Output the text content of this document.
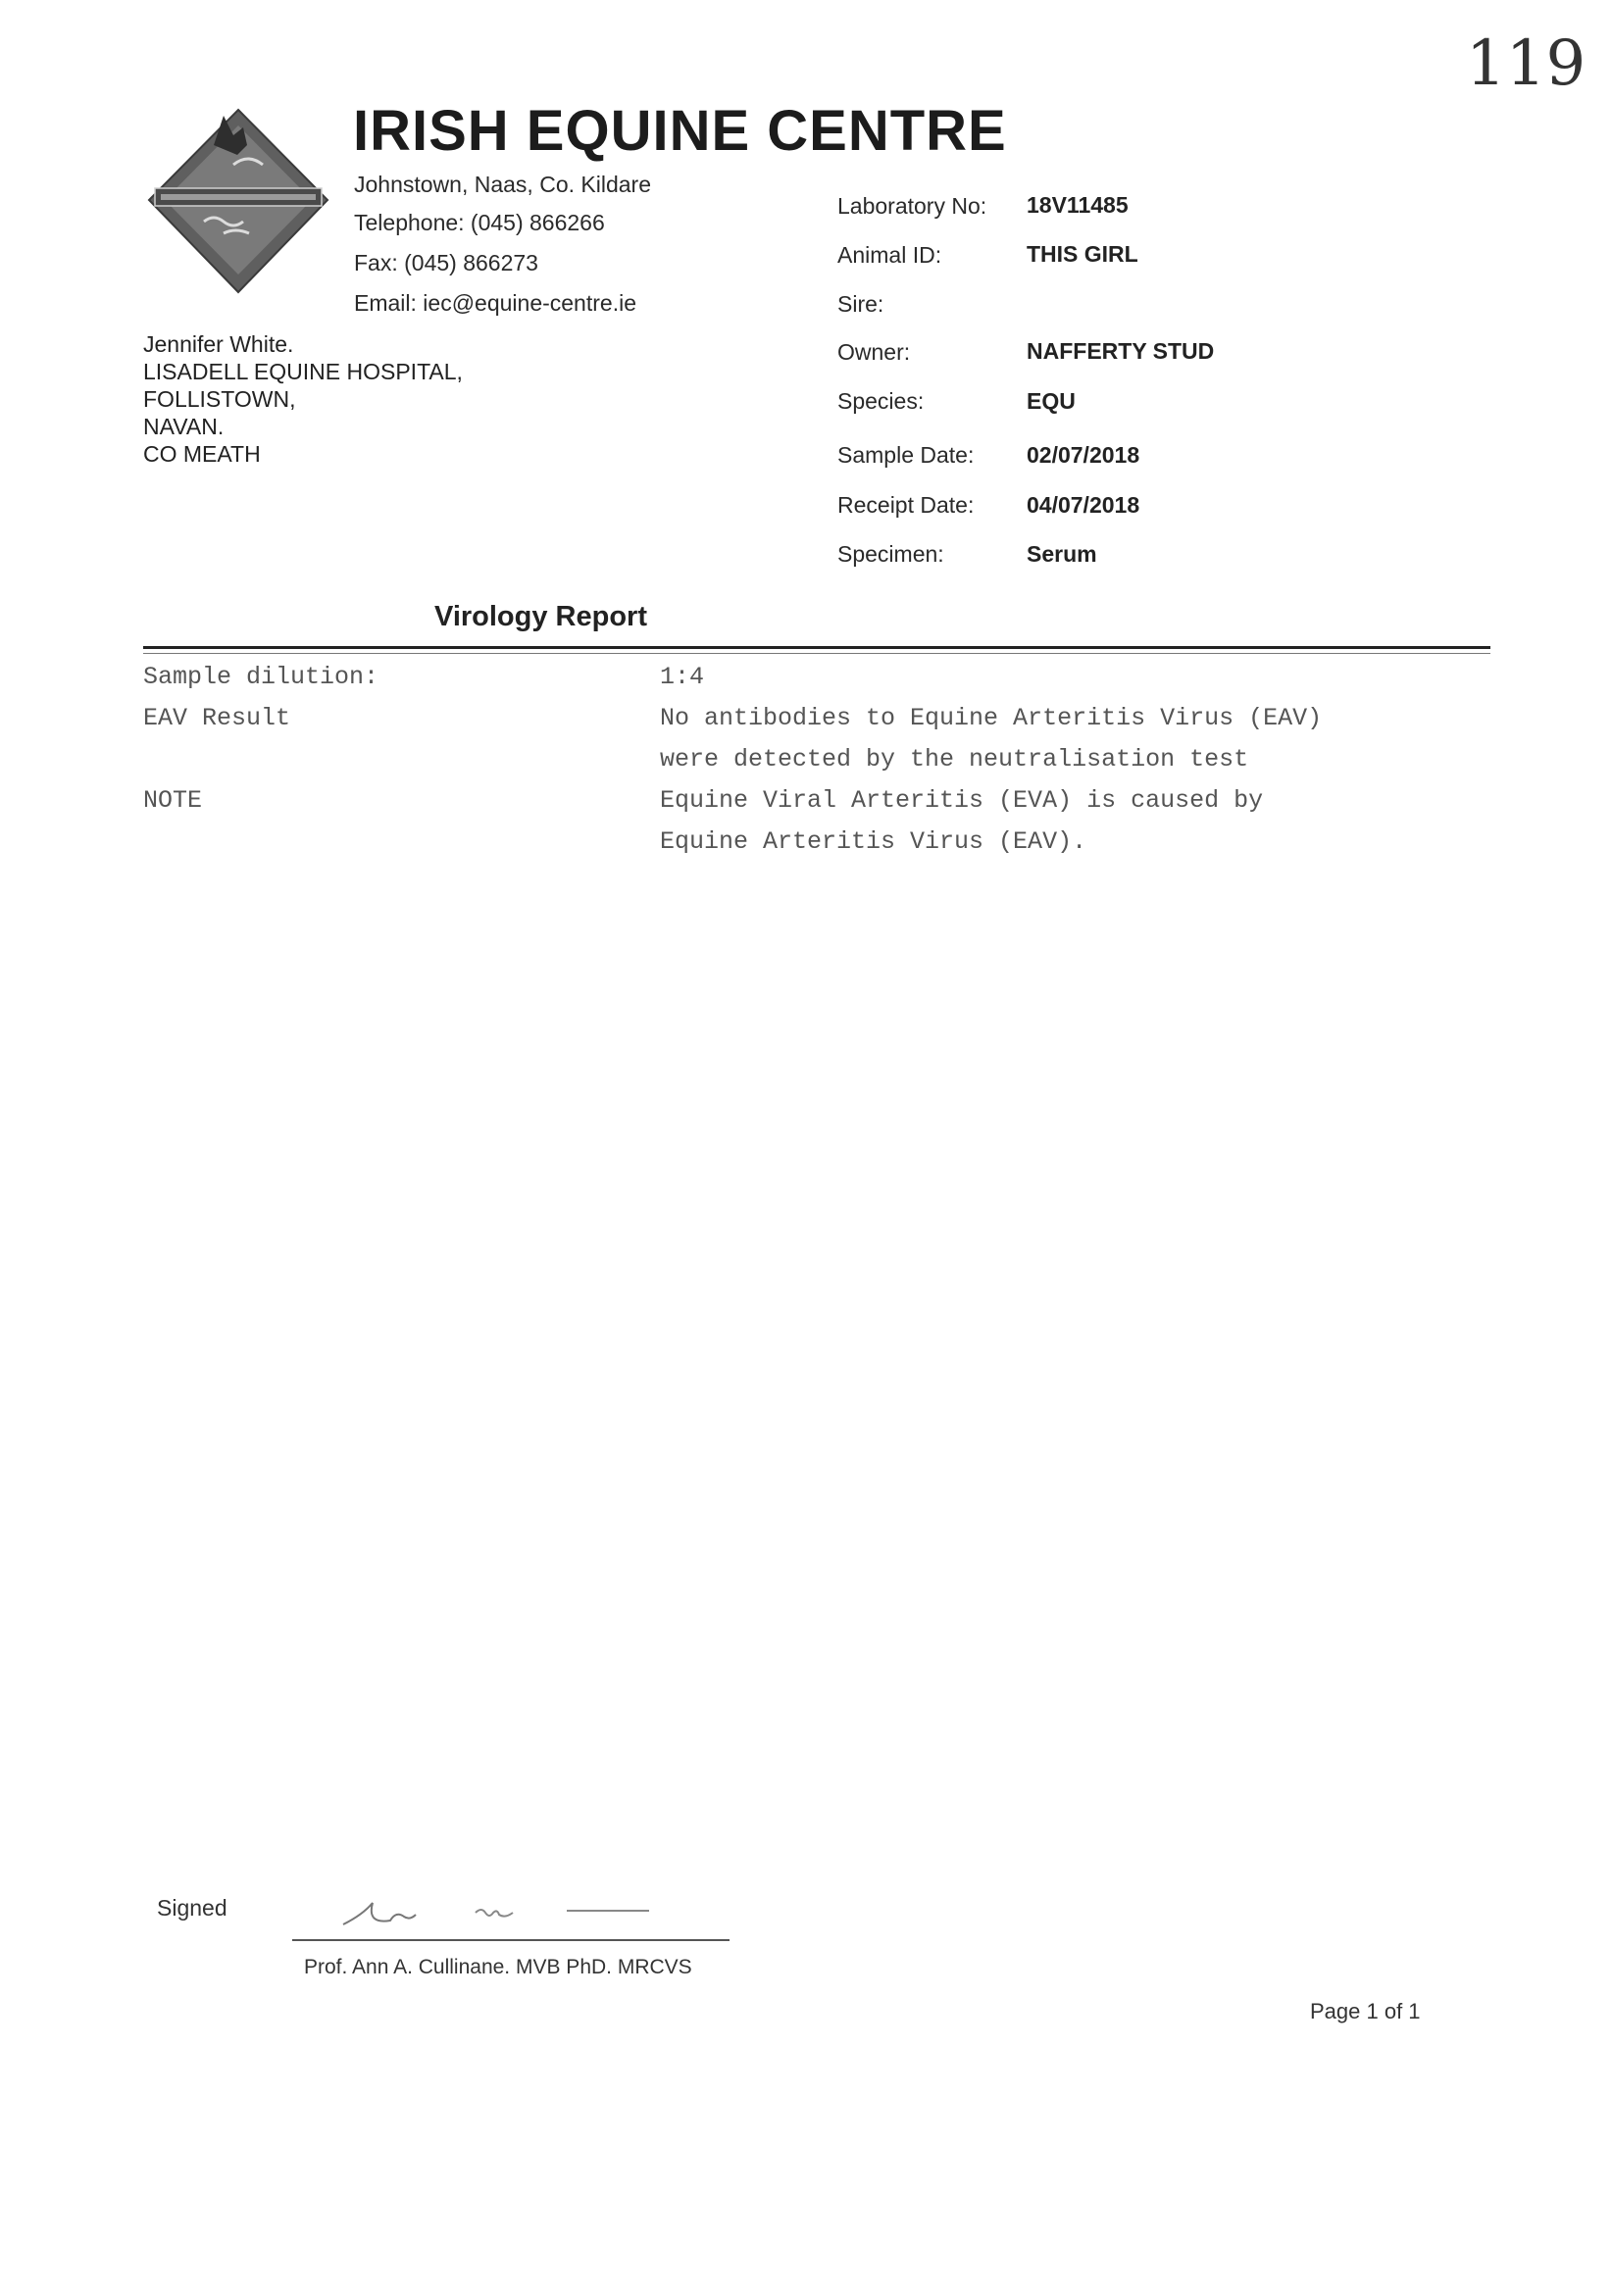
119
IRISH EQUINE CENTRE
Johnstown, Naas, Co. Kildare
Telephone: (045) 866266
Fax: (045) 866273
Email: iec@equine-centre.ie
Jennifer White.
LISADELL EQUINE HOSPITAL,
FOLLISTOWN,
NAVAN.
CO MEATH
Laboratory No: 18V11485
Animal ID:	THIS GIRL
Sire:
Owner:	NAFFERTY STUD
Species:	EQU
Sample Date: 02/07/2018
Receipt Date: 04/07/2018
Specimen:	Serum
Virology Report
Sample dilution:	1:4
EAV Result	No antibodies to Equine Arteritis Virus (EAV)
were detected by the neutralisation test
NOTE	Equine Viral Arteritis (EVA) is caused by
Equine Arteritis Virus (EAV).
Signed
Prof. Ann A. Cullinane. MVB PhD. MRCVS
Page 1 of 1
